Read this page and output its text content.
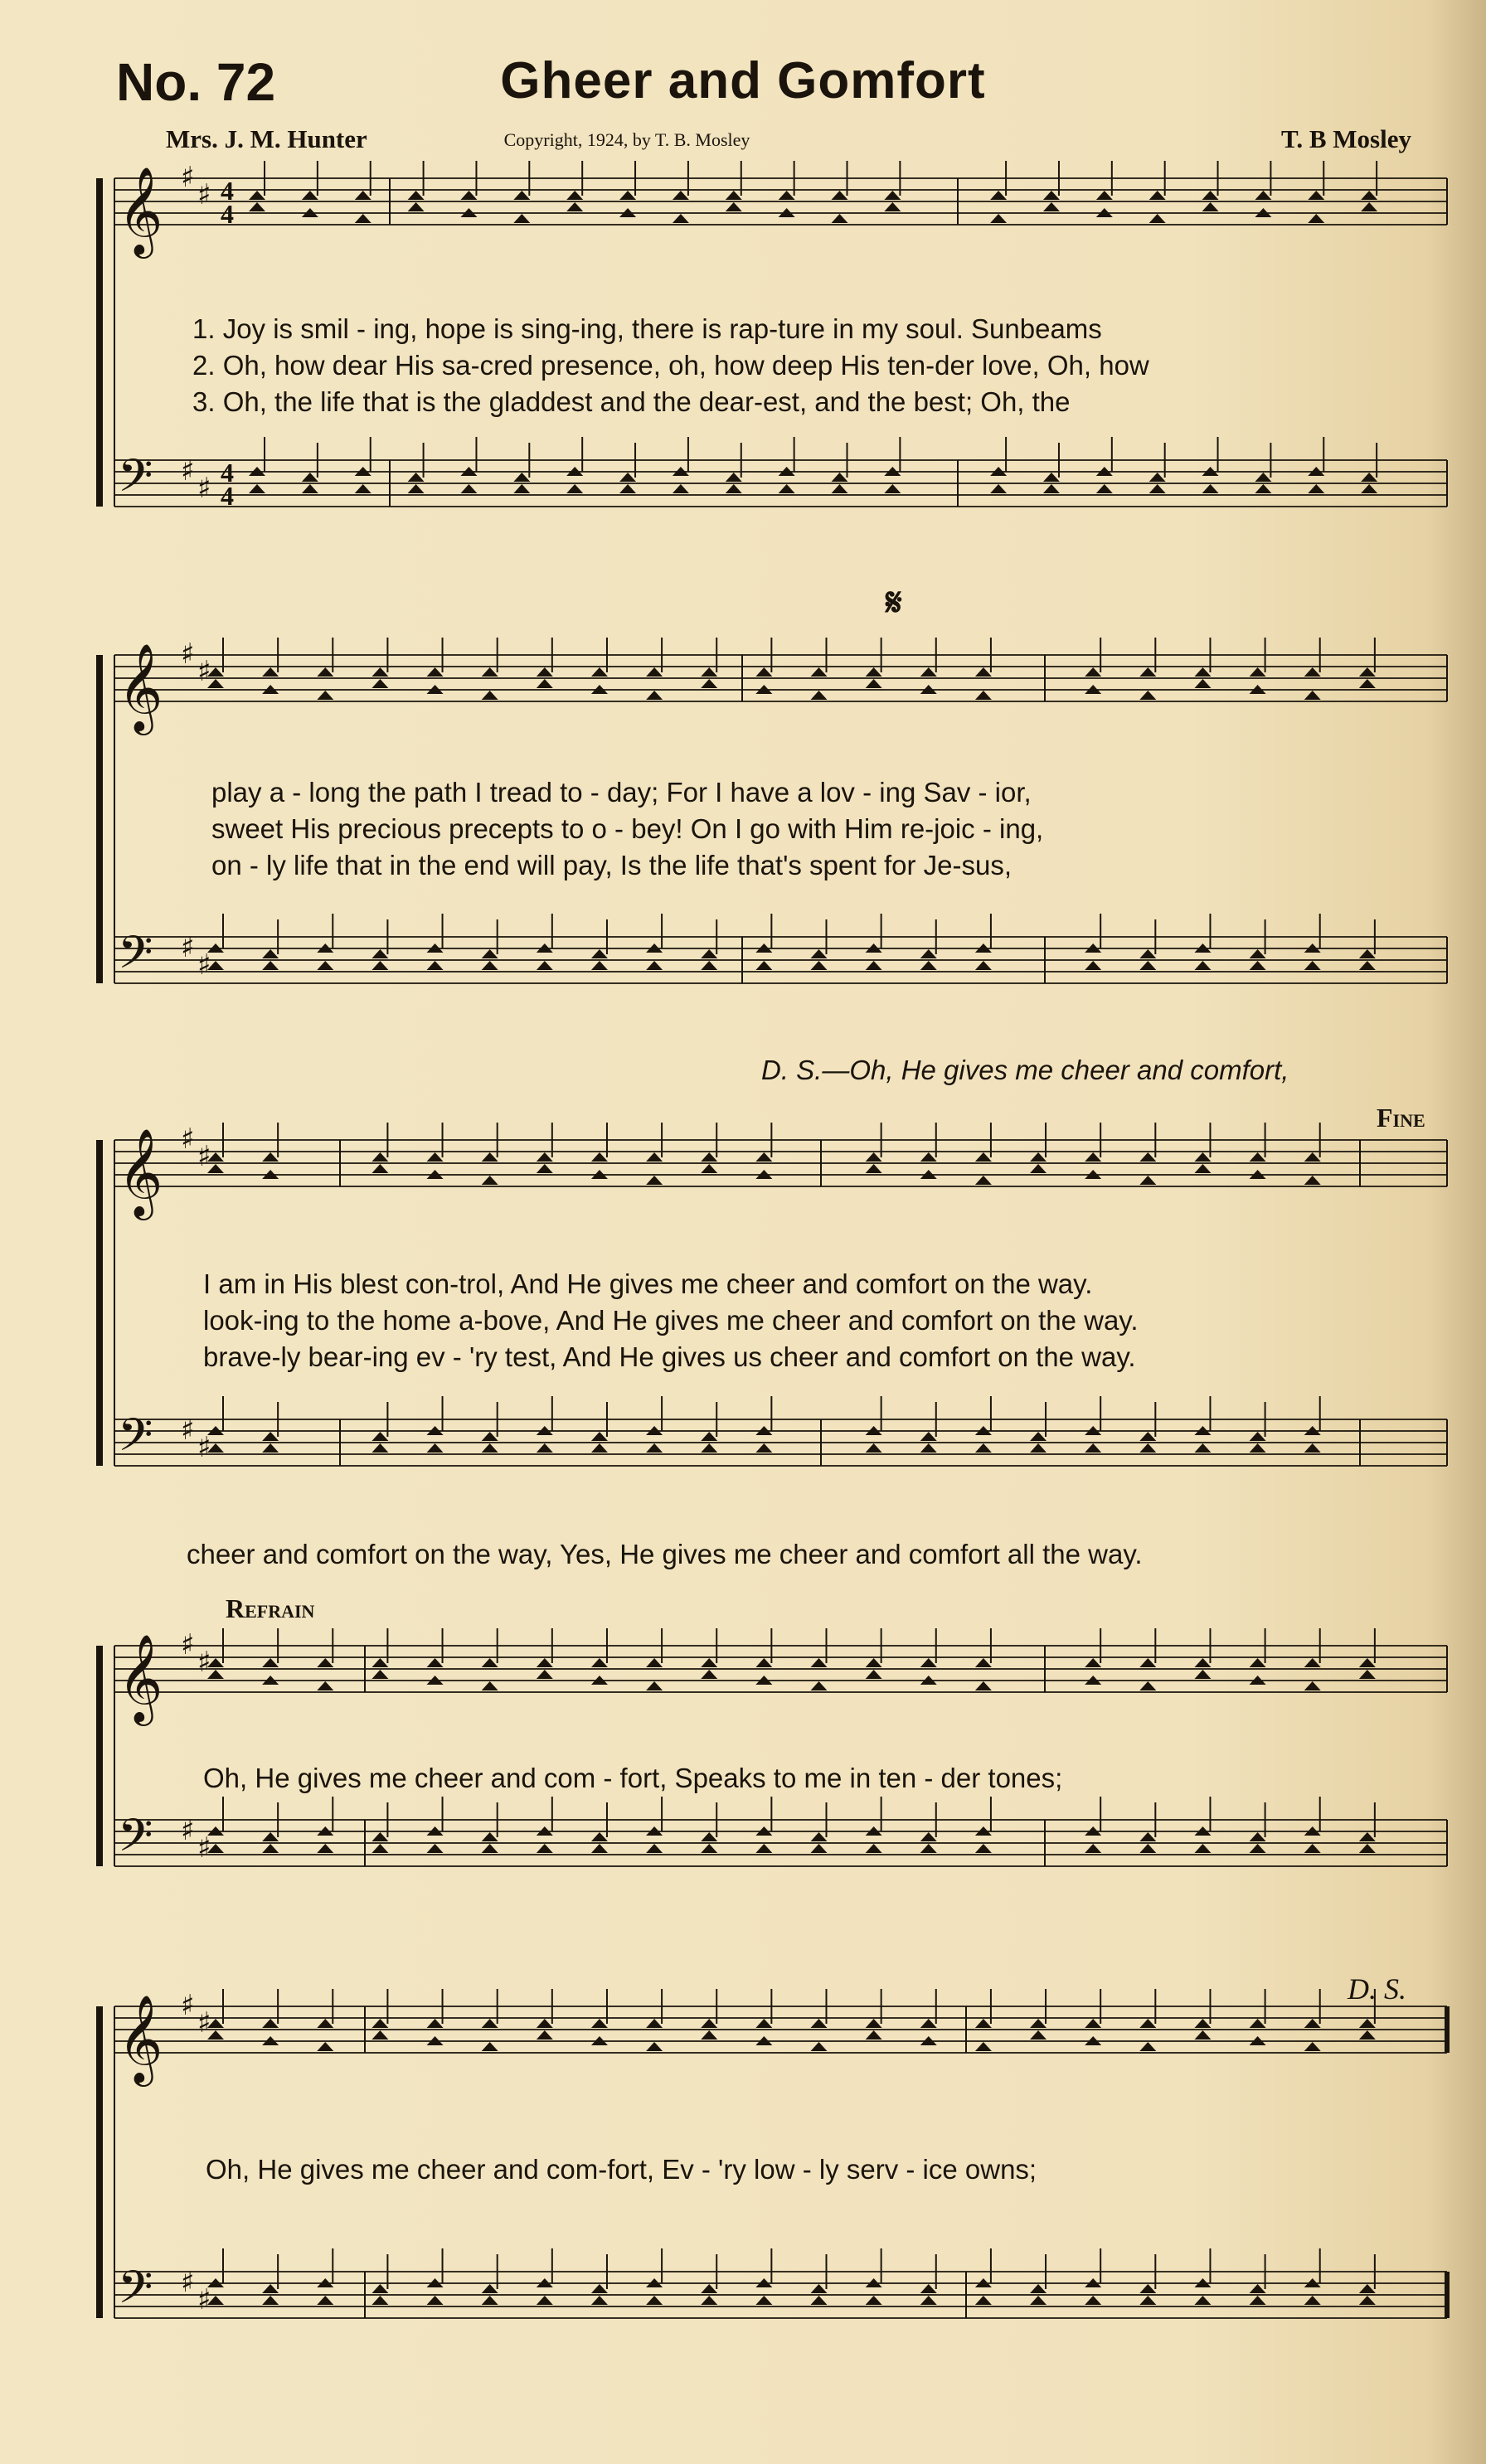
No. 72	Gheer and Gomfort
Mrs. J. M. Hunter	Copyright, 1924, by T. B. Mosley	T. B Mosley
𝄞
𝄢
♯
♯
♯
♯
4
4
4
4
1. Joy is smil - ing, hope is sing-ing, there is rap-ture in my soul. Sunbeams
2. Oh, how dear His sa-cred presence, oh, how deep His ten-der love, Oh, how
3. Oh, the life that is the gladdest and the dear-est, and the best; Oh, the
𝄞
𝄢
♯
♯
♯
♯
𝄋
play a - long the path I tread to - day; For I have a lov - ing Sav - ior,
sweet His precious precepts to o - bey! On I go with Him re-joic - ing,
on - ly life that in the end will pay, Is the life that's spent for Je-sus,
D. S.—Oh, He gives me cheer and comfort,
𝄞
𝄢
♯
♯
♯
♯
Fine
I am in His blest con-trol, And He gives me cheer and comfort on the way.
look-ing to the home a-bove, And He gives me cheer and comfort on the way.
brave-ly bear-ing ev - 'ry test, And He gives us cheer and comfort on the way.
cheer and comfort on the way, Yes, He gives me cheer and comfort all the way.
𝄞
𝄢
♯
♯
♯
♯
Refrain
Oh, He gives me cheer and com - fort, Speaks to me in ten - der tones;
𝄞
𝄢
♯
♯
♯
♯
D. S.
Oh, He gives me cheer and com-fort, Ev - 'ry low - ly serv - ice owns;
